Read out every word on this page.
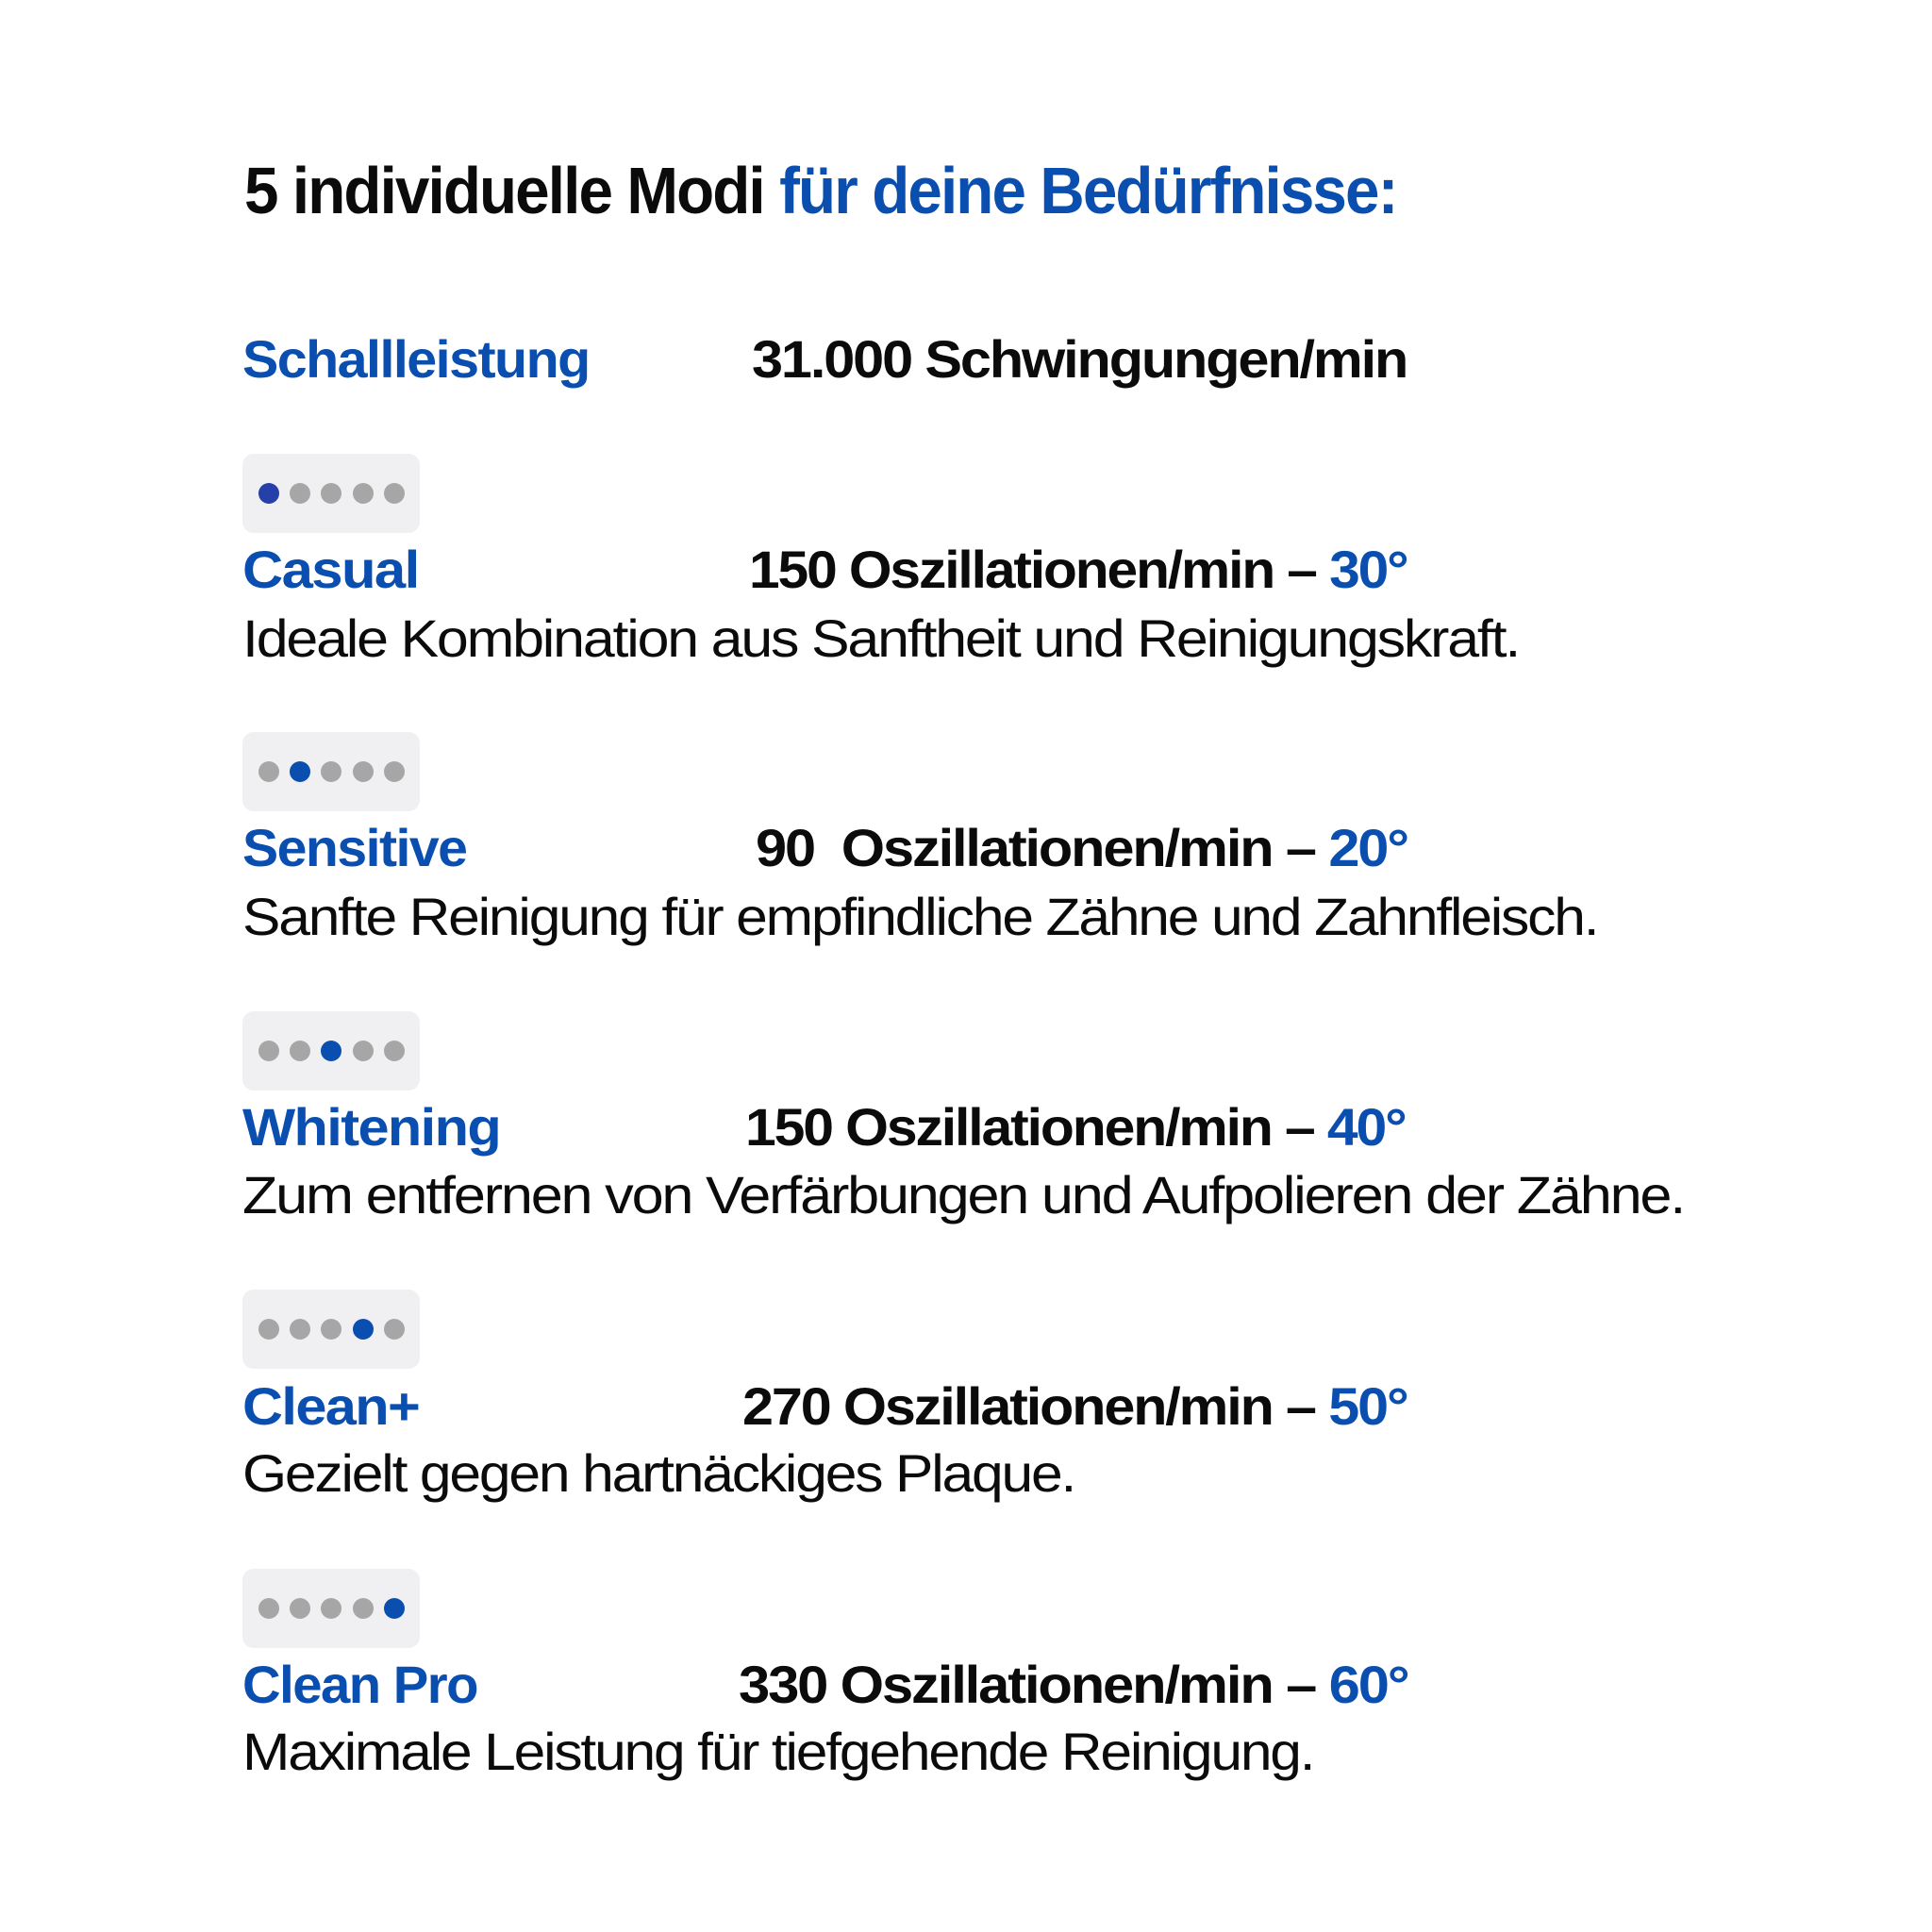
5 individuelle Modi für deine Bedürfnisse:
Schallleistung	31.000 Schwingungen/min
Casual	150 Oszillationen/min – 30°
Ideale Kombination aus Sanftheit und Reinigungskraft.
Sensitive	90  Oszillationen/min – 20°
Sanfte Reinigung für empfindliche Zähne und Zahnfleisch.
Whitening	150 Oszillationen/min – 40°
Zum entfernen von Verfärbungen und Aufpolieren der Zähne.
Clean+	270 Oszillationen/min – 50°
Gezielt gegen hartnäckiges Plaque.
Clean Pro	330 Oszillationen/min – 60°
Maximale Leistung für tiefgehende Reinigung.
